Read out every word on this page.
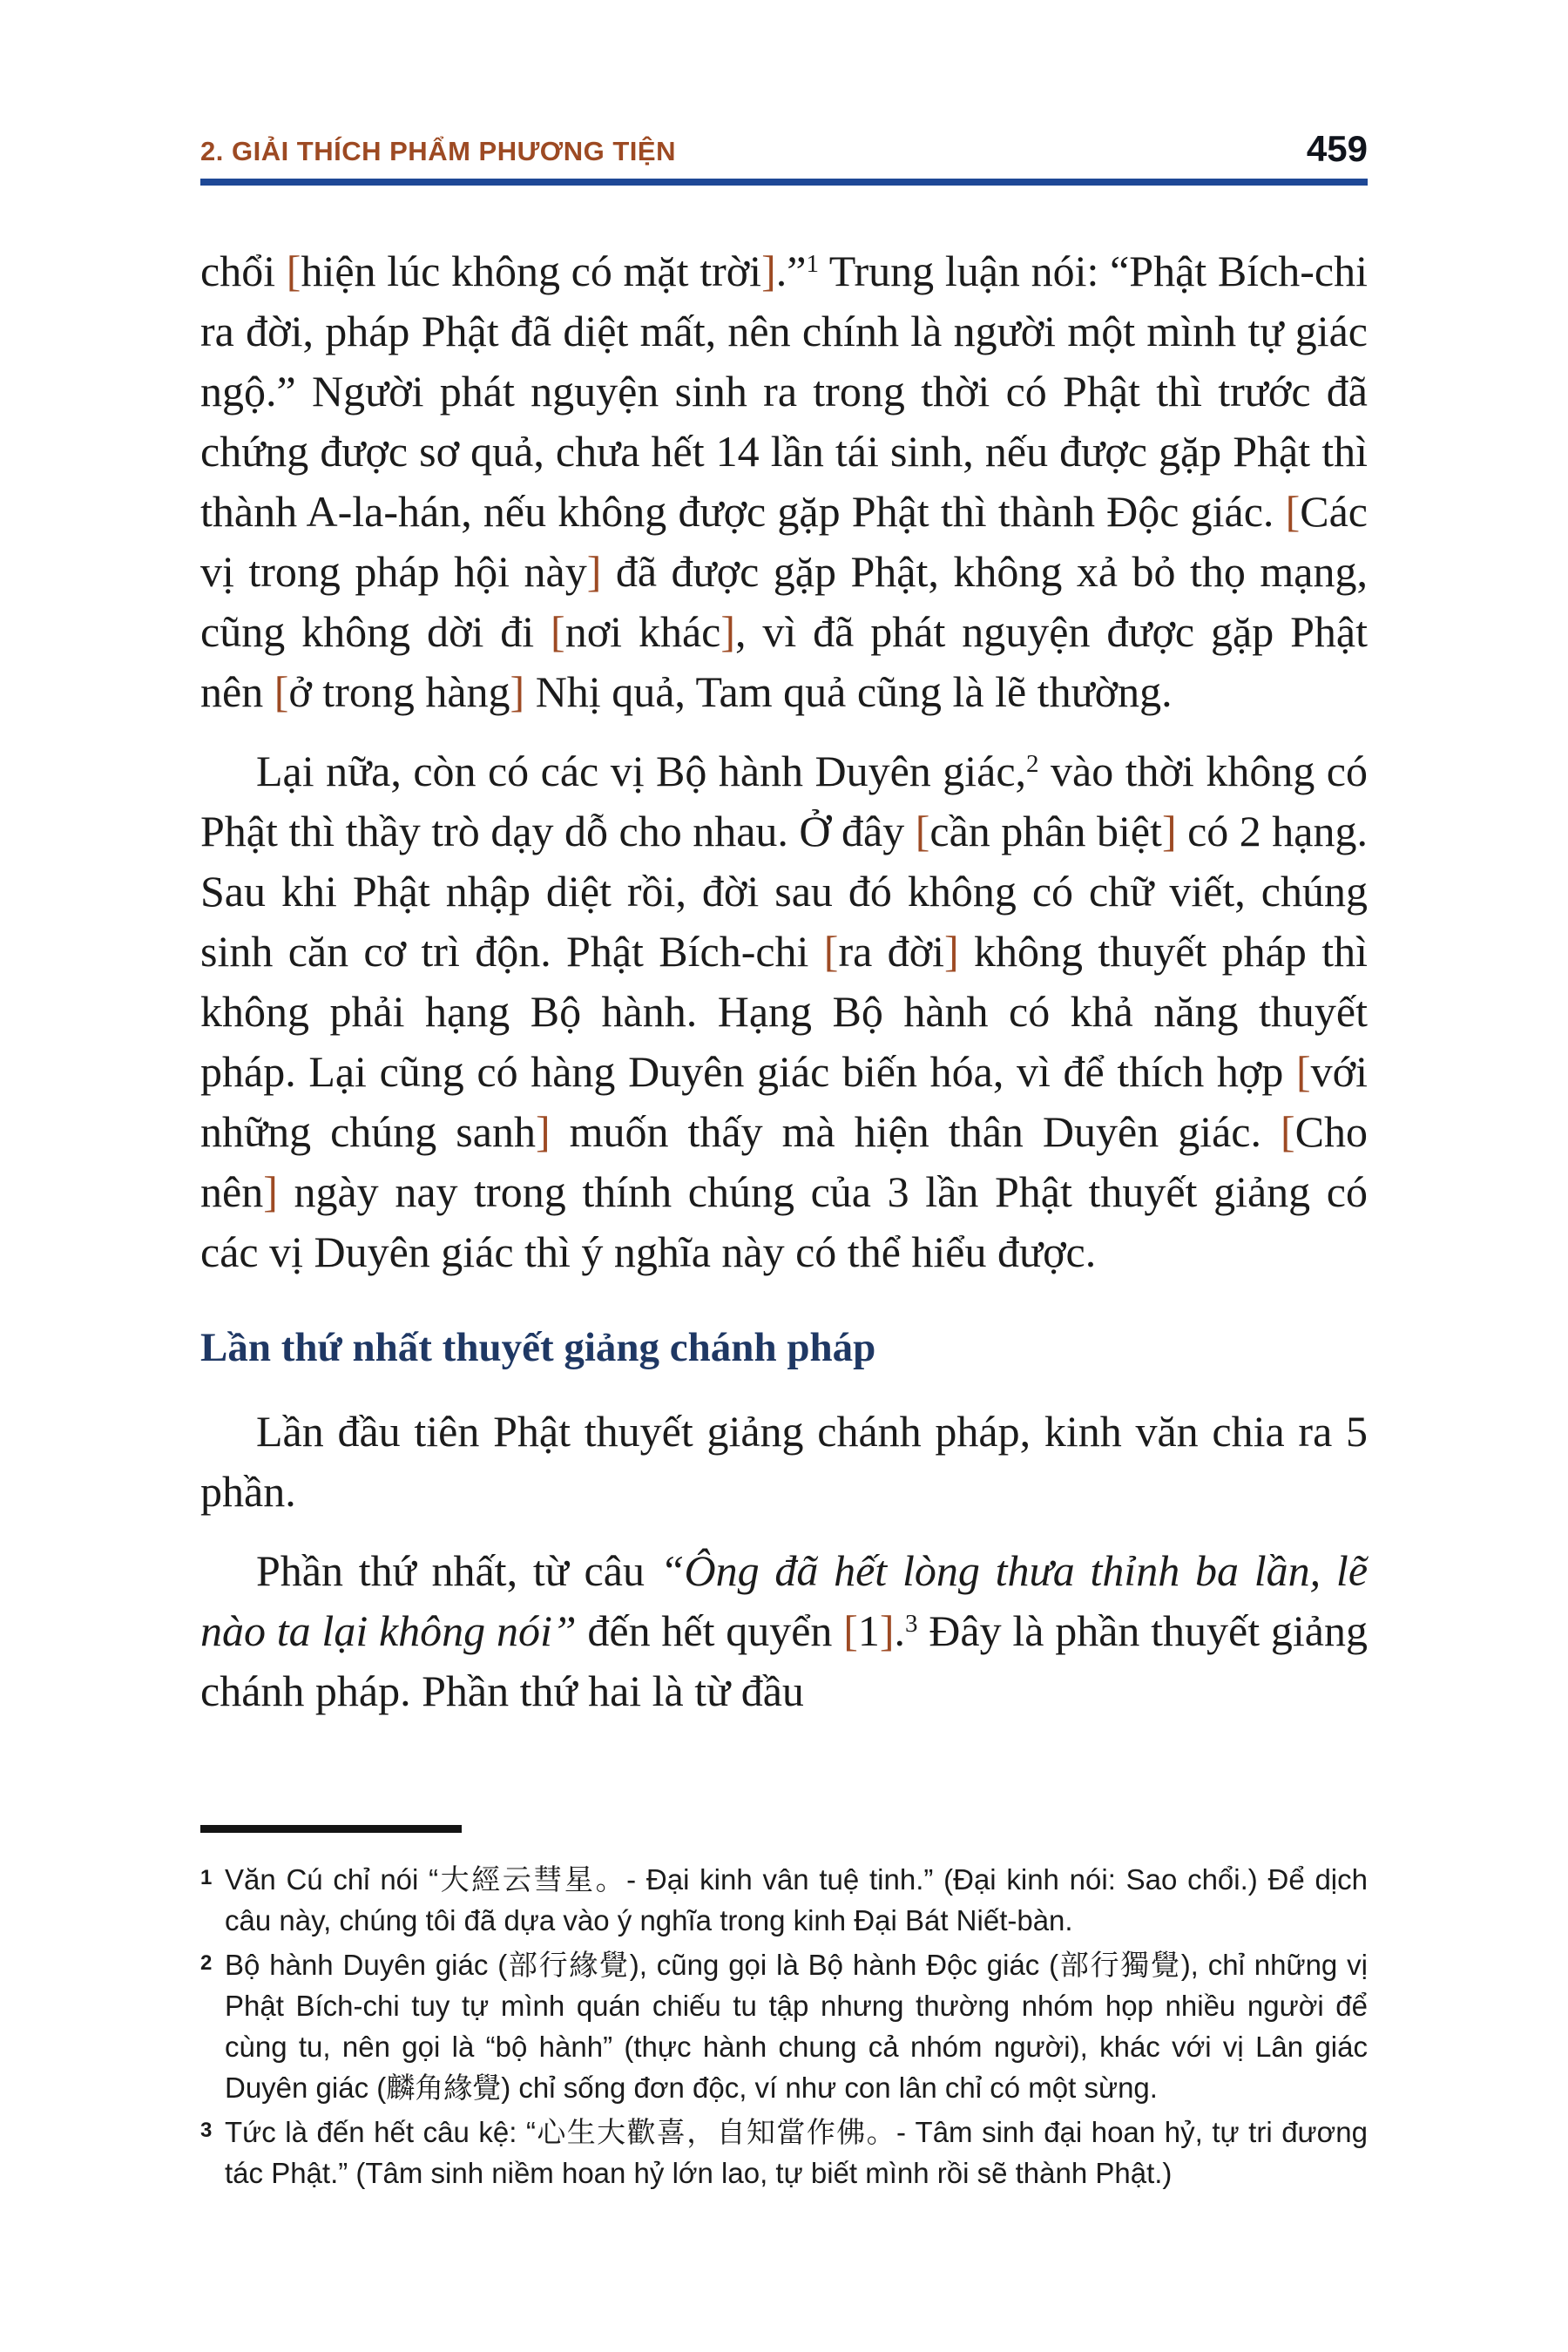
2. GIẢI THÍCH PHẨM PHƯƠNG TIỆN	459

chổi [hiện lúc không có mặt trời].”$^1$ Trung luận nói: “Phật Bích-chi ra đời, pháp Phật đã diệt mất, nên chính là người một mình tự giác ngộ.” Người phát nguyện sinh ra trong thời có Phật thì trước đã chứng được sơ quả, chưa hết 14 lần tái sinh, nếu được gặp Phật thì thành A-la-hán, nếu không được gặp Phật thì thành Độc giác. [Các vị trong pháp hội này] đã được gặp Phật, không xả bỏ thọ mạng, cũng không dời đi [nơi khác], vì đã phát nguyện được gặp Phật nên [ở trong hàng] Nhị quả, Tam quả cũng là lẽ thường.

Lại nữa, còn có các vị Bộ hành Duyên giác,$^2$ vào thời không có Phật thì thầy trò dạy dỗ cho nhau. Ở đây [cần phân biệt] có 2 hạng. Sau khi Phật nhập diệt rồi, đời sau đó không có chữ viết, chúng sinh căn cơ trì độn. Phật Bích-chi [ra đời] không thuyết pháp thì không phải hạng Bộ hành. Hạng Bộ hành có khả năng thuyết pháp. Lại cũng có hàng Duyên giác biến hóa, vì để thích hợp [với những chúng sanh] muốn thấy mà hiện thân Duyên giác. [Cho nên] ngày nay trong thính chúng của 3 lần Phật thuyết giảng có các vị Duyên giác thì ý nghĩa này có thể hiểu được.

Lần thứ nhất thuyết giảng chánh pháp

Lần đầu tiên Phật thuyết giảng chánh pháp, kinh văn chia ra 5 phần.

Phần thứ nhất, từ câu “Ông đã hết lòng thưa thỉnh ba lần, lẽ nào ta lại không nói” đến hết quyển [1].$^3$ Đây là phần thuyết giảng chánh pháp. Phần thứ hai là từ đầu

1 Văn Cú chỉ nói “大經云彗星。- Đại kinh vân tuệ tinh.” (Đại kinh nói: Sao chổi.) Để dịch câu này, chúng tôi đã dựa vào ý nghĩa trong kinh Đại Bát Niết-bàn.
2 Bộ hành Duyên giác (部行緣覺), cũng gọi là Bộ hành Độc giác (部行獨覺), chỉ những vị Phật Bích-chi tuy tự mình quán chiếu tu tập nhưng thường nhóm họp nhiều người để cùng tu, nên gọi là “bộ hành” (thực hành chung cả nhóm người), khác với vị Lân giác Duyên giác (麟角緣覺) chỉ sống đơn độc, ví như con lân chỉ có một sừng.
3 Tức là đến hết câu kệ: “心生大歡喜，自知當作佛。- Tâm sinh đại hoan hỷ, tự tri đương tác Phật.” (Tâm sinh niềm hoan hỷ lớn lao, tự biết mình rồi sẽ thành Phật.)
